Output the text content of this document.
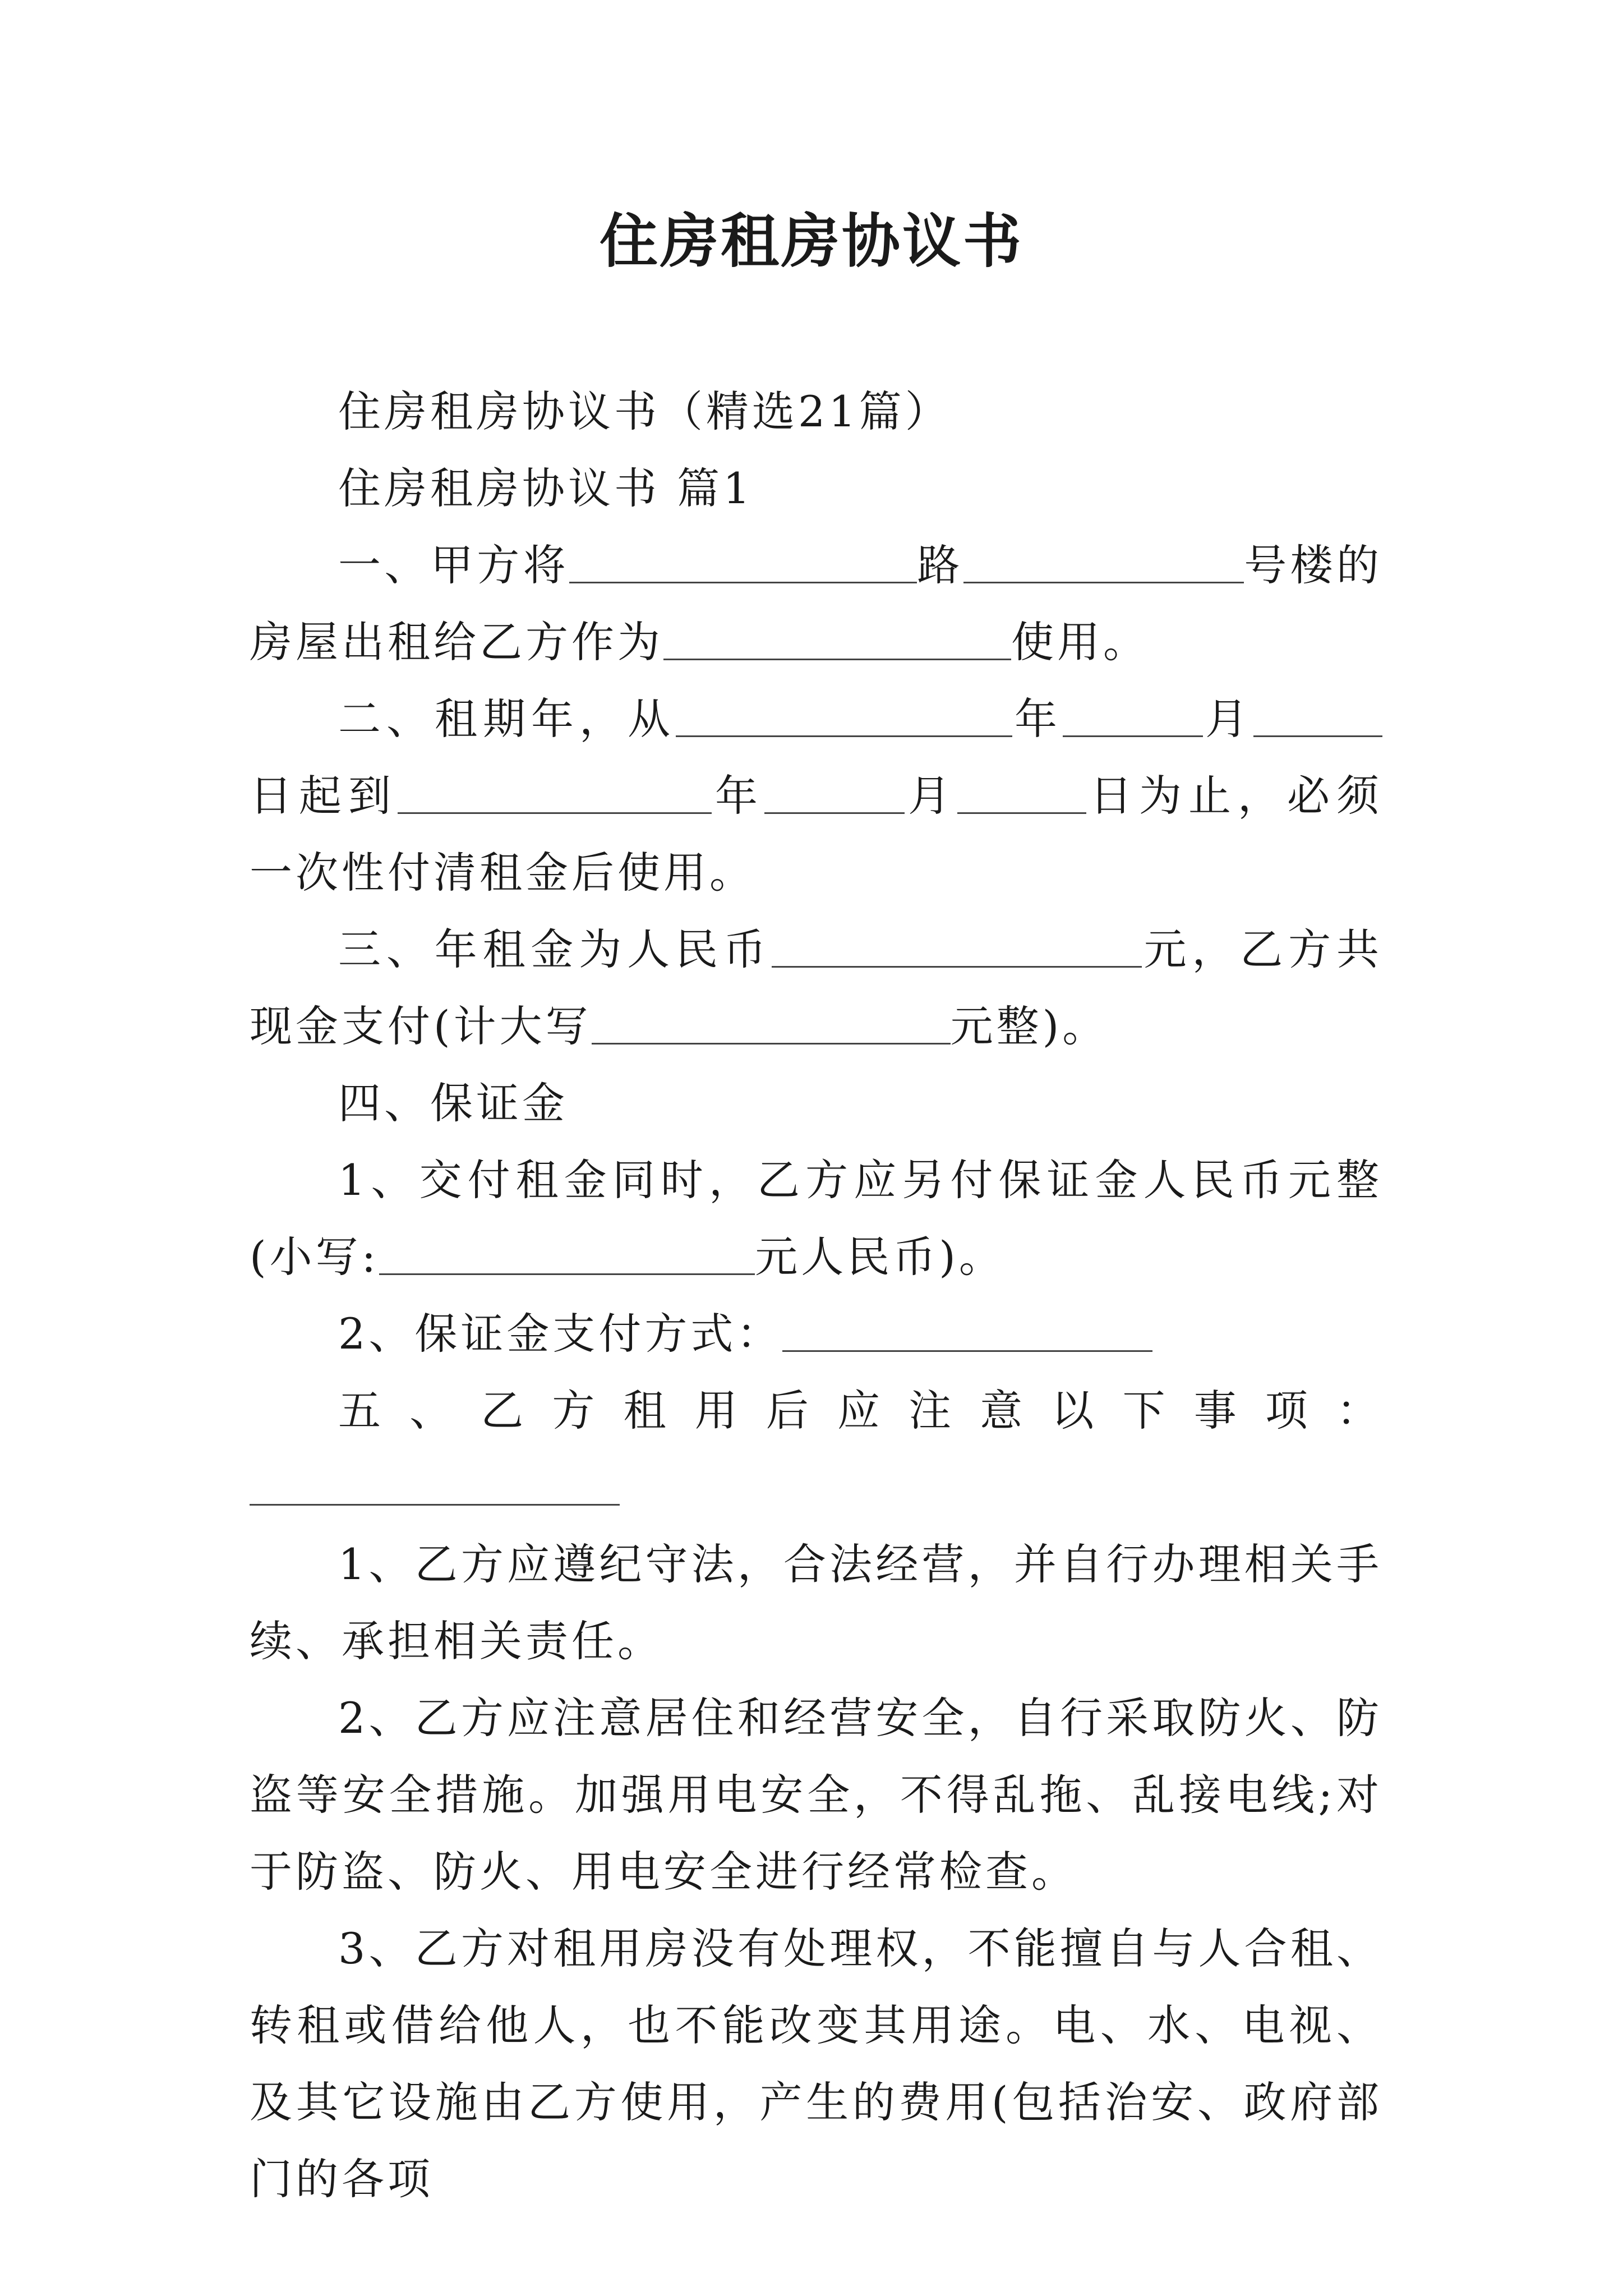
住房租房协议书

住房租房协议书（精选21篇）

住房租房协议书 篇1

一、甲方将	路	号楼的房屋出租给乙方作为	使用。

二、租期年，从	年	月日起到	年	月	日为止，必须一次性付清租金后使用。

三、年租金为人民币	元，乙方共现金支付(计大写	元整)。

四、保证金

1、交付租金同时，乙方应另付保证金人民币元整(小写:	元人民币)。

2、保证金支付方式：

五、乙方租用后应注意以下事项：

1、乙方应遵纪守法，合法经营，并自行办理相关手续、承担相关责任。

2、乙方应注意居住和经营安全，自行采取防火、防盗等安全措施。加强用电安全，不得乱拖、乱接电线;对于防盗、防火、用电安全进行经常检查。

3、乙方对租用房没有处理权，不能擅自与人合租、转租或借给他人，也不能改变其用途。电、水、电视、及其它设施由乙方使用，产生的费用(包括治安、政府部门的各项
